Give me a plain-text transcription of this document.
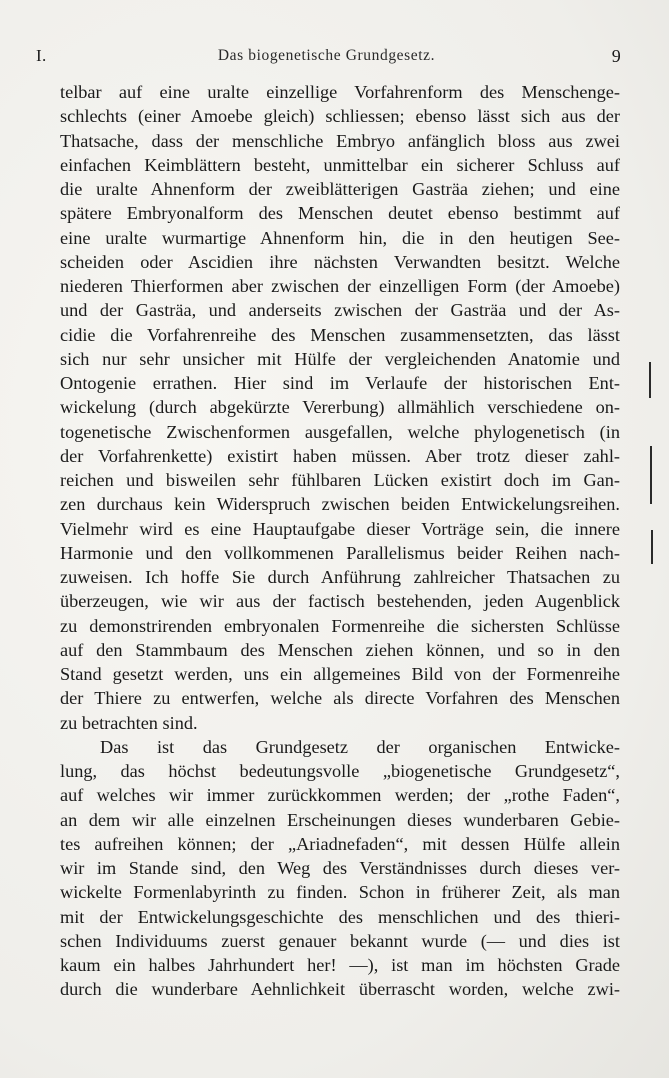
I.	Das biogenetische Grundgesetz.	9
telbar auf eine uralte einzellige Vorfahrenform des Menschenge-
schlechts (einer Amoebe gleich) schliessen; ebenso lässt sich aus der
Thatsache, dass der menschliche Embryo anfänglich bloss aus zwei
einfachen Keimblättern besteht, unmittelbar ein sicherer Schluss auf
die uralte Ahnenform der zweiblätterigen Gasträa ziehen; und eine
spätere Embryonalform des Menschen deutet ebenso bestimmt auf
eine uralte wurmartige Ahnenform hin, die in den heutigen See-
scheiden oder Ascidien ihre nächsten Verwandten besitzt. Welche
niederen Thierformen aber zwischen der einzelligen Form (der Amoebe)
und der Gasträa, und anderseits zwischen der Gasträa und der As-
cidie die Vorfahrenreihe des Menschen zusammensetzten, das lässt
sich nur sehr unsicher mit Hülfe der vergleichenden Anatomie und
Ontogenie errathen. Hier sind im Verlaufe der historischen Ent-
wickelung (durch abgekürzte Vererbung) allmählich verschiedene on-
togenetische Zwischenformen ausgefallen, welche phylogenetisch (in
der Vorfahrenkette) existirt haben müssen. Aber trotz dieser zahl-
reichen und bisweilen sehr fühlbaren Lücken existirt doch im Gan-
zen durchaus kein Widerspruch zwischen beiden Entwickelungsreihen.
Vielmehr wird es eine Hauptaufgabe dieser Vorträge sein, die innere
Harmonie und den vollkommenen Parallelismus beider Reihen nach-
zuweisen. Ich hoffe Sie durch Anführung zahlreicher Thatsachen zu
überzeugen, wie wir aus der factisch bestehenden, jeden Augenblick
zu demonstrirenden embryonalen Formenreihe die sichersten Schlüsse
auf den Stammbaum des Menschen ziehen können, und so in den
Stand gesetzt werden, uns ein allgemeines Bild von der Formenreihe
der Thiere zu entwerfen, welche als directe Vorfahren des Menschen
zu betrachten sind.
Das ist das Grundgesetz der organischen Entwicke-
lung, das höchst bedeutungsvolle „biogenetische Grundgesetz“,
auf welches wir immer zurückkommen werden; der „rothe Faden“,
an dem wir alle einzelnen Erscheinungen dieses wunderbaren Gebie-
tes aufreihen können; der „Ariadnefaden“, mit dessen Hülfe allein
wir im Stande sind, den Weg des Verständnisses durch dieses ver-
wickelte Formenlabyrinth zu finden. Schon in früherer Zeit, als man
mit der Entwickelungsgeschichte des menschlichen und des thieri-
schen Individuums zuerst genauer bekannt wurde (— und dies ist
kaum ein halbes Jahrhundert her! —), ist man im höchsten Grade
durch die wunderbare Aehnlichkeit überrascht worden, welche zwi-
